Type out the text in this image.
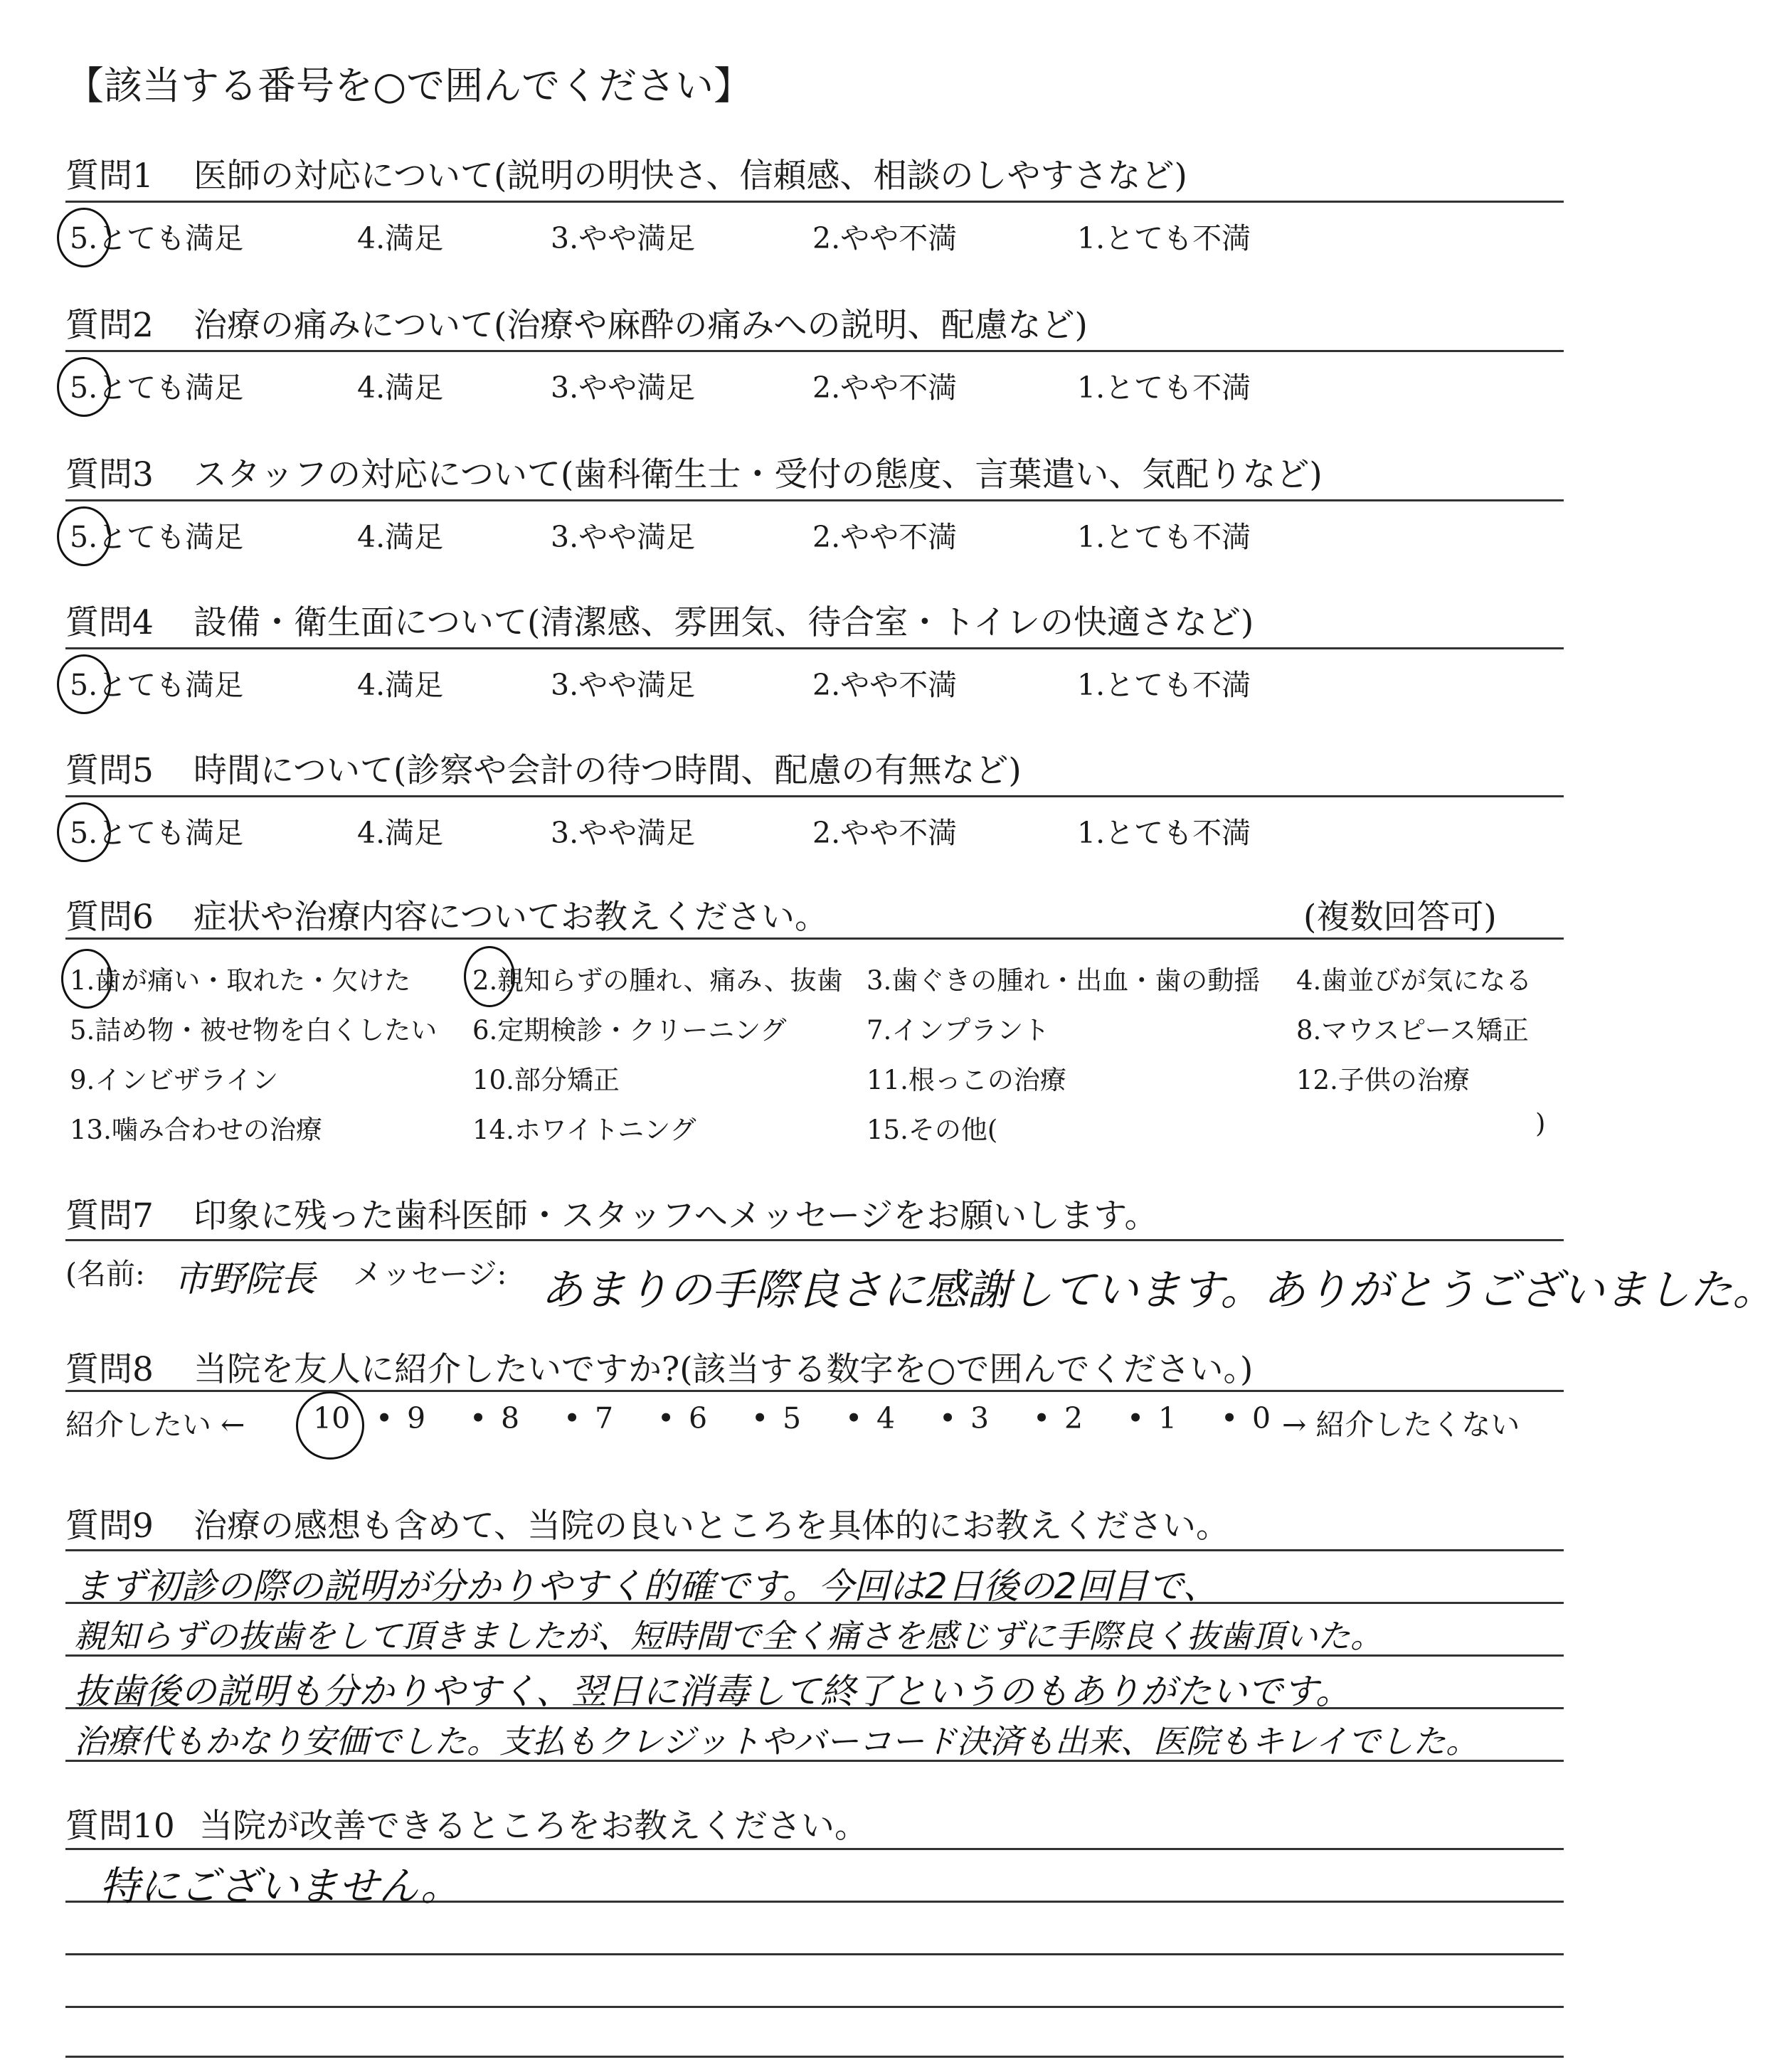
【該当する番号を○で囲んでください】
質問1 医師の対応について(説明の明快さ、信頼感、相談のしやすさなど)
5.とても満足	4.満足	3.やや満足	2.やや不満	1.とても不満
質問2 治療の痛みについて(治療や麻酔の痛みへの説明、配慮など)
5.とても満足	4.満足	3.やや満足	2.やや不満	1.とても不満
質問3 スタッフの対応について(歯科衛生士・受付の態度、言葉遣い、気配りなど)
5.とても満足	4.満足	3.やや満足	2.やや不満	1.とても不満
質問4 設備・衛生面について(清潔感、雰囲気、待合室・トイレの快適さなど)
5.とても満足	4.満足	3.やや満足	2.やや不満	1.とても不満
質問5 時間について(診察や会計の待つ時間、配慮の有無など)
5.とても満足	4.満足	3.やや満足	2.やや不満	1.とても不満
質問6 症状や治療内容についてお教えください。	(複数回答可)
1.歯が痛い・取れた・欠けた 2.親知らずの腫れ、痛み、抜歯 3.歯ぐきの腫れ・出血・歯の動揺 4.歯並びが気になる
5.詰め物・被せ物を白くしたい 6.定期検診・クリーニング	7.インプラント	8.マウスピース矯正
9.インビザライン	10.部分矯正	11.根っこの治療	12.子供の治療
13.噛み合わせの治療	14.ホワイトニング	15.その他(	)
質問7 印象に残った歯科医師・スタッフへメッセージをお願いします。
(名前: 市野院長 メッセージ: あまりの手際良さに感謝しています。ありがとうございました。
質問8 当院を友人に紹介したいですか?(該当する数字を○で囲んでください。)
紹介したい ←	→ 紹介したくない
10 • 9 • 8 • 7 • 6 • 5 • 4 • 3 • 2 • 1 • 0
質問9 治療の感想も含めて、当院の良いところを具体的にお教えください。
まず初診の際の説明が分かりやすく的確です。今回は2日後の2回目で、
親知らずの抜歯をして頂きましたが、短時間で全く痛さを感じずに手際良く抜歯頂いた。
抜歯後の説明も分かりやすく、翌日に消毒して終了というのもありがたいです。
治療代もかなり安価でした。支払もクレジットやバーコード決済も出来、医院もキレイでした。
質問10 当院が改善できるところをお教えください。
特にございません。
